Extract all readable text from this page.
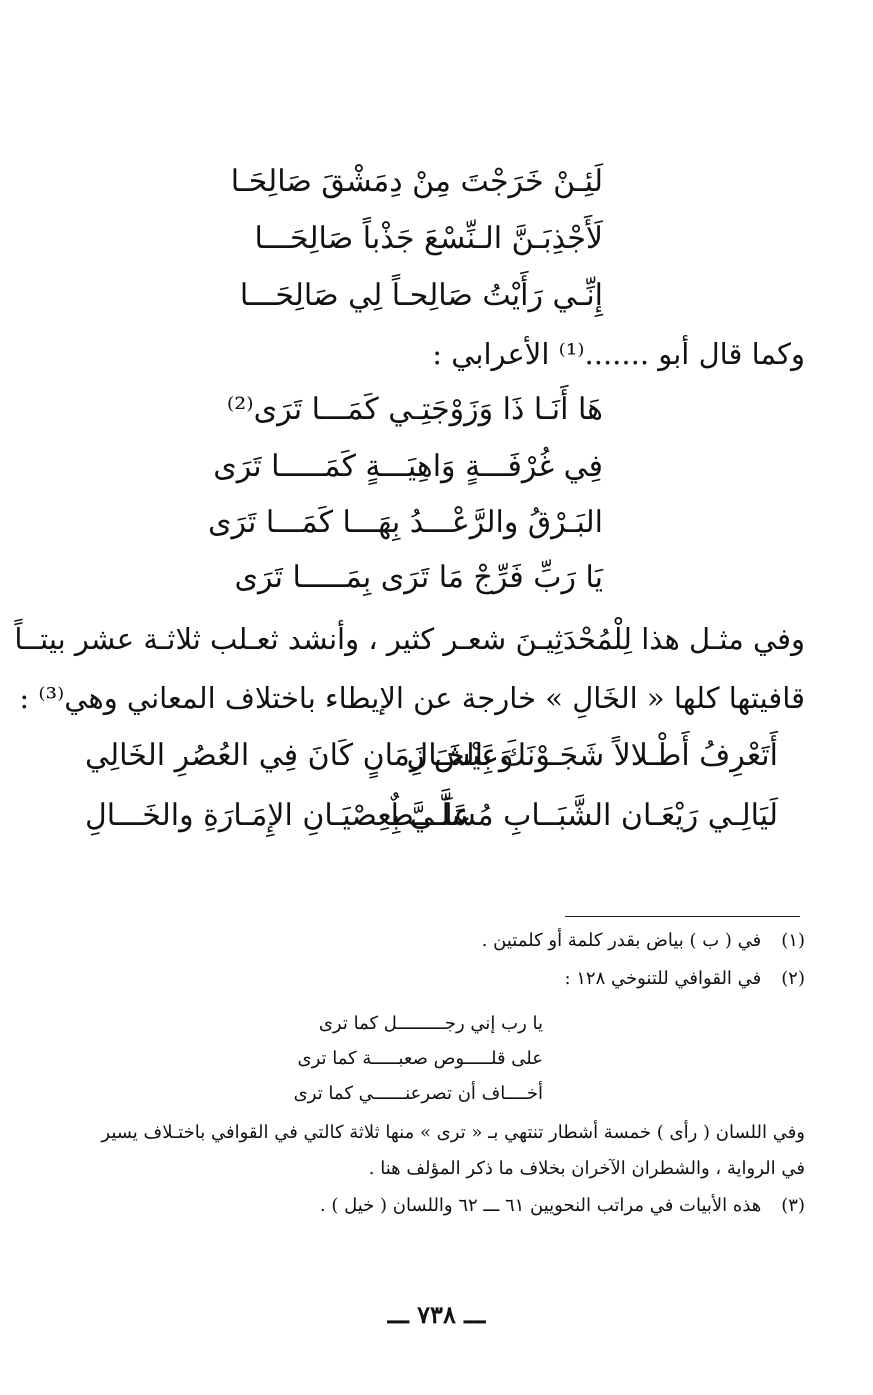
لَئِـنْ خَرَجْتَ مِنْ دِمَشْقَ صَالِحَـا
لَأَجْذِبَـنَّ الـنِّسْعَ جَذْباً صَالِحَـــا
إِنِّـي رَأَيْتُ صَالِحـاً لِي صَالِحَـــا
وكما قال أبو .......⁽¹⁾ الأعرابي :
هَا أَنَـا ذَا وَزَوْجَتِـي كَمَـــا تَرَى⁽²⁾
فِي غُرْفَـــةٍ وَاهِيَـــةٍ كَمَـــــا تَرَى
البَـرْقُ والرَّعْـــدُ بِهَـــا كَمَـــا تَرَى
يَا رَبِّ فَرِّجْ مَا تَرَى بِمَـــــا تَرَى
وفي مثـل هذا لِلْمُحْدَثِيـنَ شعـر كثير ، وأنشد ثعـلب ثلاثـة عشر بيتــاً
قافيتها كلها « الخَالِ » خارجة عن الإيطاء باختلاف المعاني وهي⁽³⁾ :
أَتَعْرِفُ أَطْـلالاً شَجَـوْنَكَ بِالخَـالِ
وَعَيْشَ زَمَانٍ كَانَ فِي العُصُرِ الخَالِي
لَيَالِـي رَيْعَـان الشَّبَــابِ مُسَلَّـــطٌ
عَلَـيَّ بِعِصْيَـانِ الإِمَـارَةِ والخَـــالِ
(١) في ( ب ) بياض بقدر كلمة أو كلمتين .
(٢) في القوافي للتنوخي ١٢٨ :
يا رب إني رجـــــــــل كما ترى
على قلـــــوص صعبـــــة كما ترى
أخــــاف أن تصرعنــــــي كما ترى
وفي اللسان ( رأى ) خمسة أشطار تنتهي بـ « ترى » منها ثلاثة كالتي في القوافي باختـلاف يسير
في الرواية ، والشطران الآخران بخلاف ما ذكر المؤلف هنا .
(٣) هذه الأبيات في مراتب النحويين ٦١ ـــ ٦٢ واللسان ( خيل ) .
ـــ ٧٣٨ ـــ
